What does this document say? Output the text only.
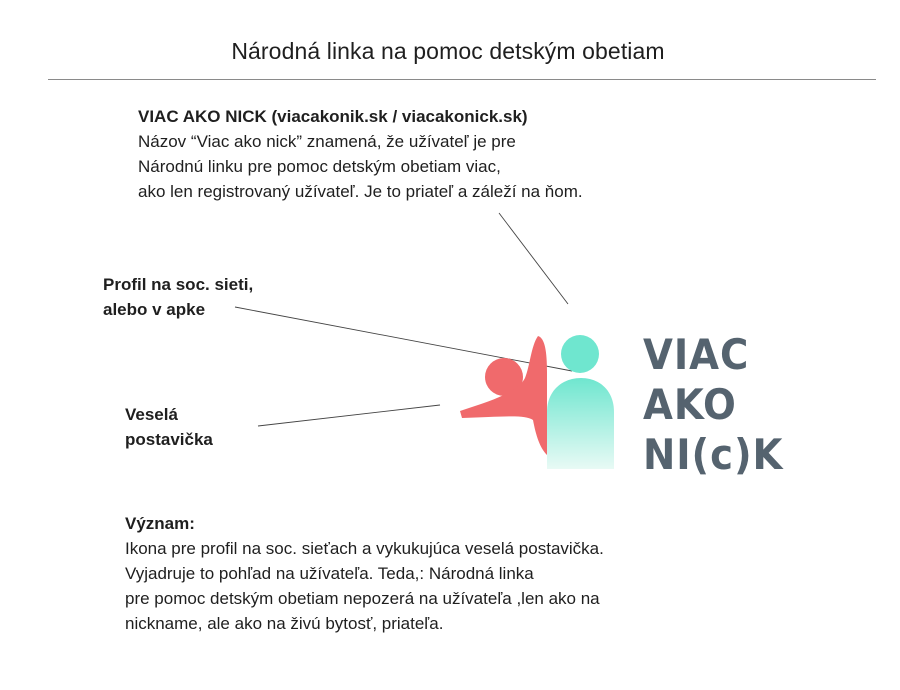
Národná linka na pomoc detským obetiam
VIAC AKO NICK (viacakonik.sk / viacakonick.sk)
Názov “Viac ako nick” znamená, že užívateľ je pre
Národnú linku pre pomoc detským obetiam viac,
ako len registrovaný užívateľ. Je to priateľ a záleží na ňom.
Profil na soc. sieti,
alebo v apke
Veselá
postavička
Význam:
Ikona pre profil na soc. sieťach a vykukujúca veselá postavička.
Vyjadruje to pohľad na užívateľa. Teda,: Národná linka
pre pomoc detským obetiam nepozerá na užívateľa ,len ako na
nickname, ale ako na živú bytosť, priateľa.
VIAC
AKO
NI(c)K
